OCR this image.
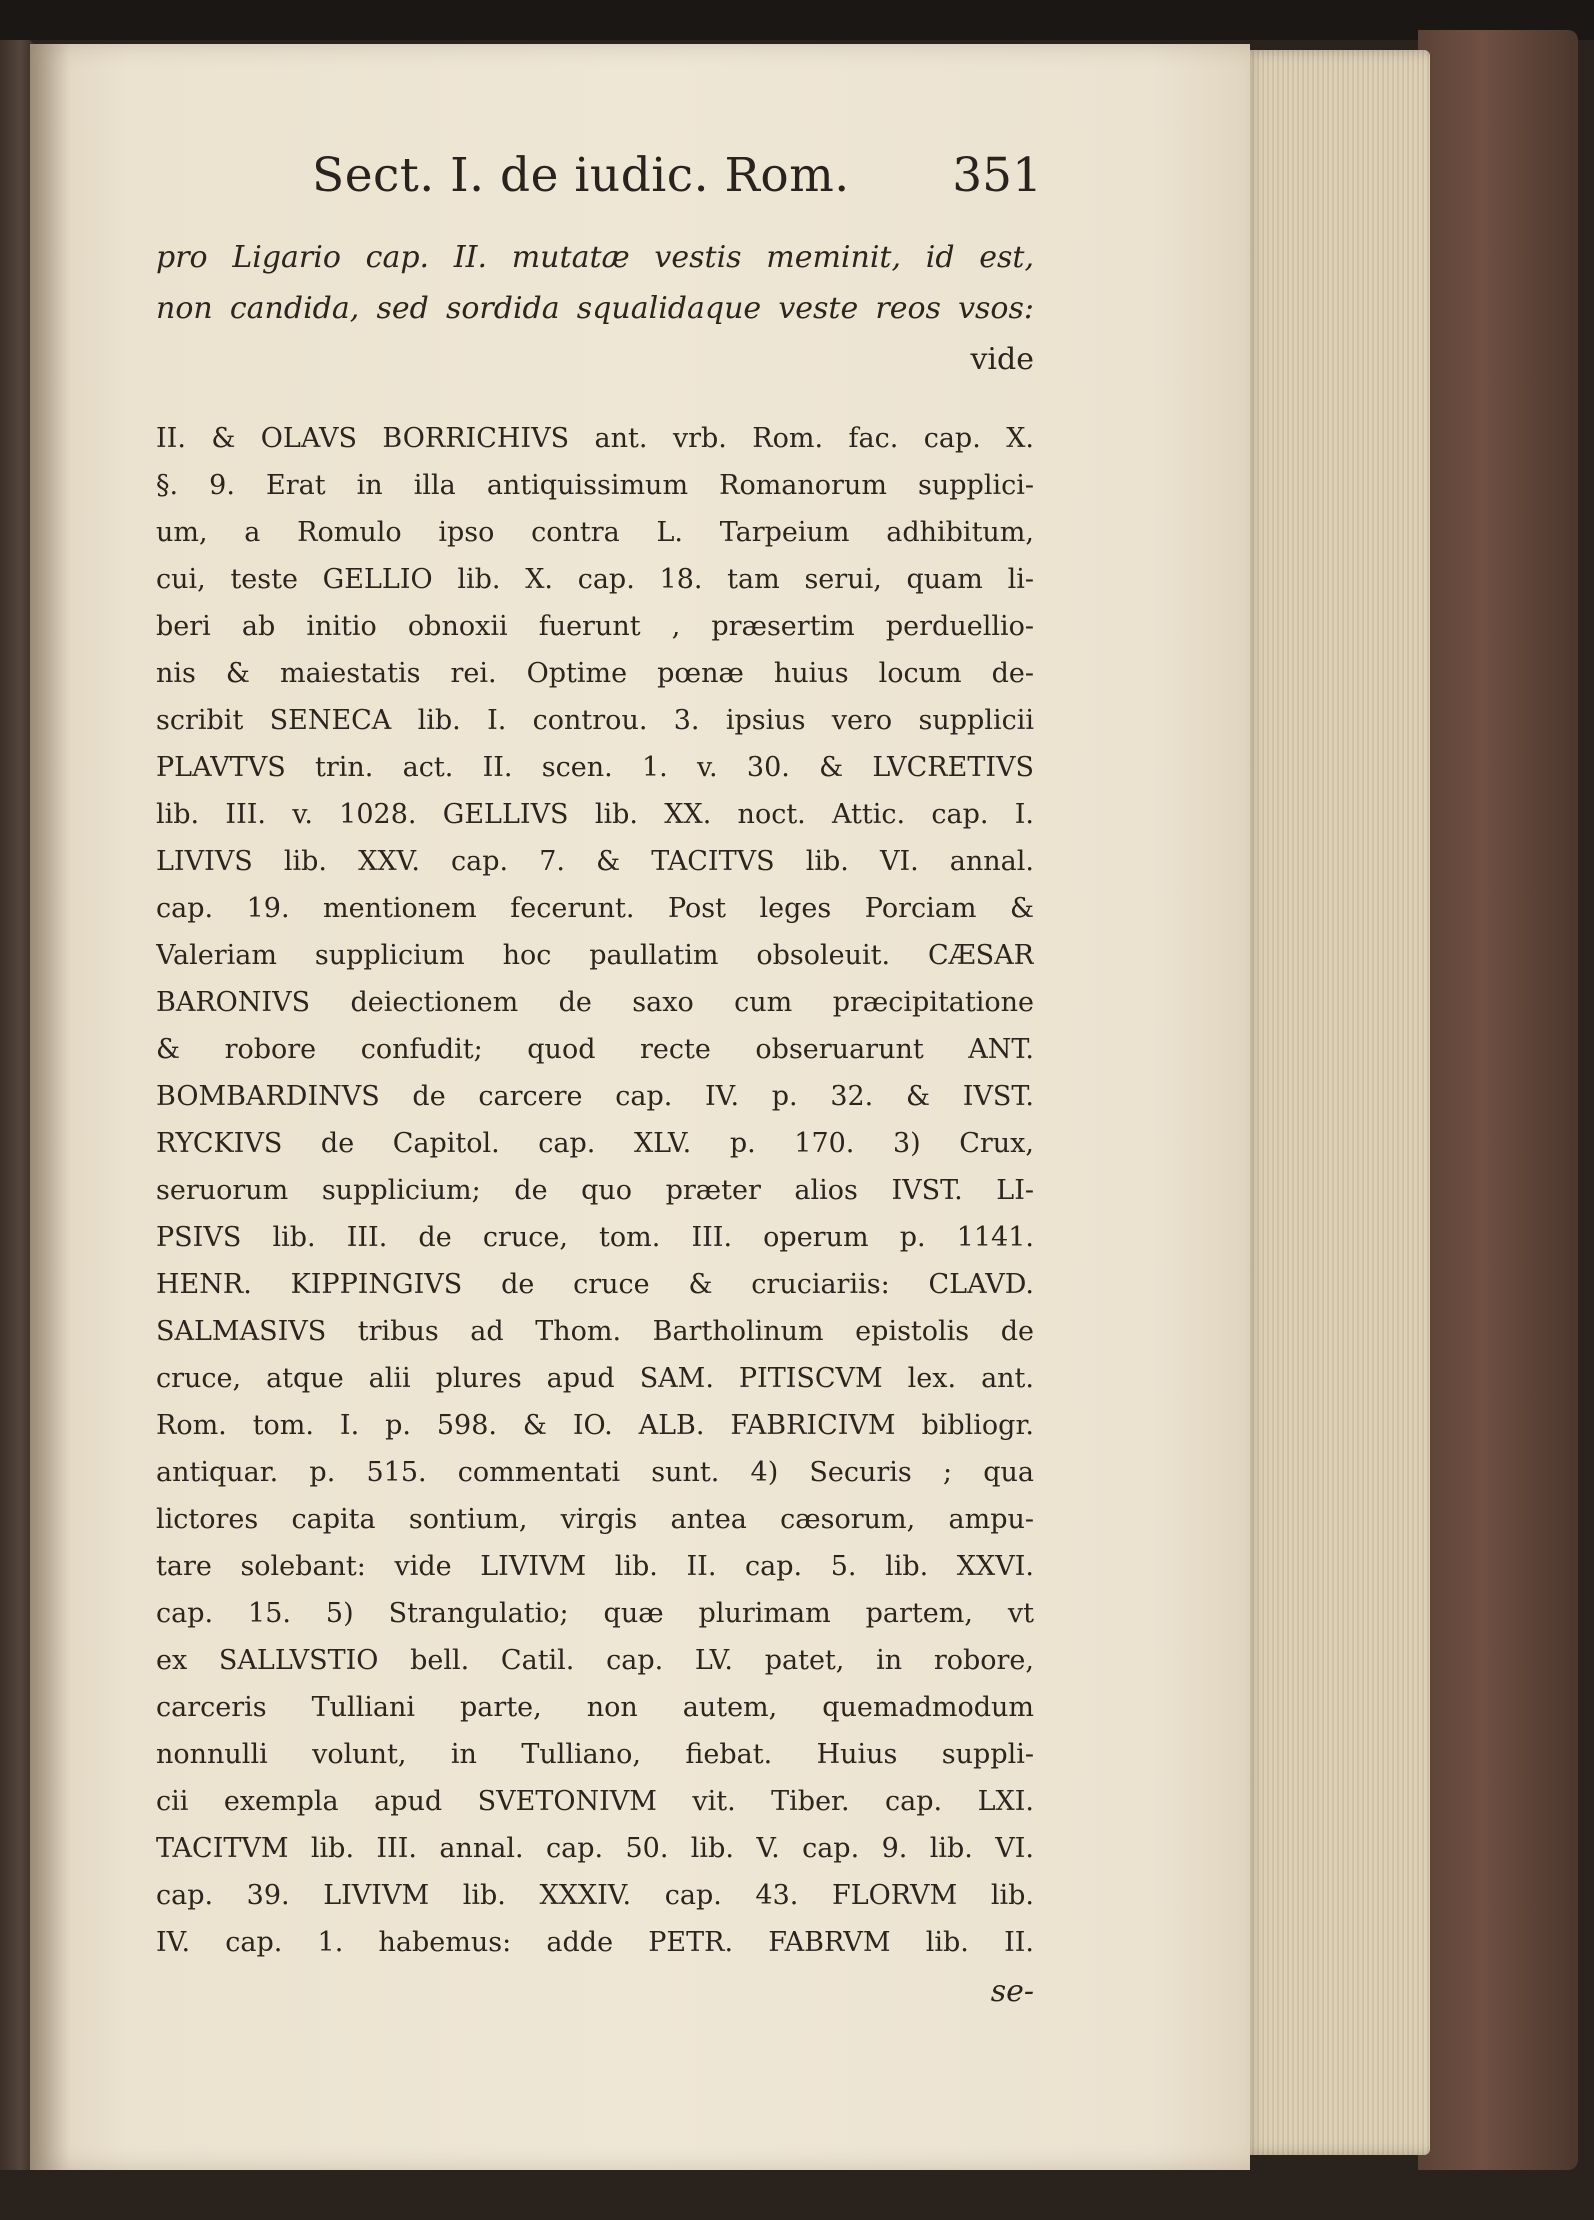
Sect. I. de iudic. Rom. 351
pro Ligario cap. II. mutatæ vestis meminit, id est,
non candida, sed sordida squalidaque veste reos vsos:
vide
II. & OLAVS BORRICHIVS ant. vrb. Rom. fac. cap. X.
§. 9. Erat in illa antiquissimum Romanorum supplici-
um, a Romulo ipso contra L. Tarpeium adhibitum,
cui, teste GELLIO lib. X. cap. 18. tam serui, quam li-
beri ab initio obnoxii fuerunt , præsertim perduellio-
nis & maiestatis rei. Optime pœnæ huius locum de-
scribit SENECA lib. I. controu. 3. ipsius vero supplicii
PLAVTVS trin. act. II. scen. 1. v. 30. & LVCRETIVS
lib. III. v. 1028. GELLIVS lib. XX. noct. Attic. cap. I.
LIVIVS lib. XXV. cap. 7. & TACITVS lib. VI. annal.
cap. 19. mentionem fecerunt. Post leges Porciam &
Valeriam supplicium hoc paullatim obsoleuit. CÆSAR
BARONIVS deiectionem de saxo cum præcipitatione
& robore confudit; quod recte obseruarunt ANT.
BOMBARDINVS de carcere cap. IV. p. 32. & IVST.
RYCKIVS de Capitol. cap. XLV. p. 170. 3) Crux,
seruorum supplicium; de quo præter alios IVST. LI-
PSIVS lib. III. de cruce, tom. III. operum p. 1141.
HENR. KIPPINGIVS de cruce & cruciariis: CLAVD.
SALMASIVS tribus ad Thom. Bartholinum epistolis de
cruce, atque alii plures apud SAM. PITISCVM lex. ant.
Rom. tom. I. p. 598. & IO. ALB. FABRICIVM bibliogr.
antiquar. p. 515. commentati sunt. 4) Securis ; qua
lictores capita sontium, virgis antea cæsorum, ampu-
tare solebant: vide LIVIVM lib. II. cap. 5. lib. XXVI.
cap. 15. 5) Strangulatio; quæ plurimam partem, vt
ex SALLVSTIO bell. Catil. cap. LV. patet, in robore,
carceris Tulliani parte, non autem, quemadmodum
nonnulli volunt, in Tulliano, fiebat. Huius suppli-
cii exempla apud SVETONIVM vit. Tiber. cap. LXI.
TACITVM lib. III. annal. cap. 50. lib. V. cap. 9. lib. VI.
cap. 39. LIVIVM lib. XXXIV. cap. 43. FLORVM lib.
IV. cap. 1. habemus: adde PETR. FABRVM lib. II.
se-
